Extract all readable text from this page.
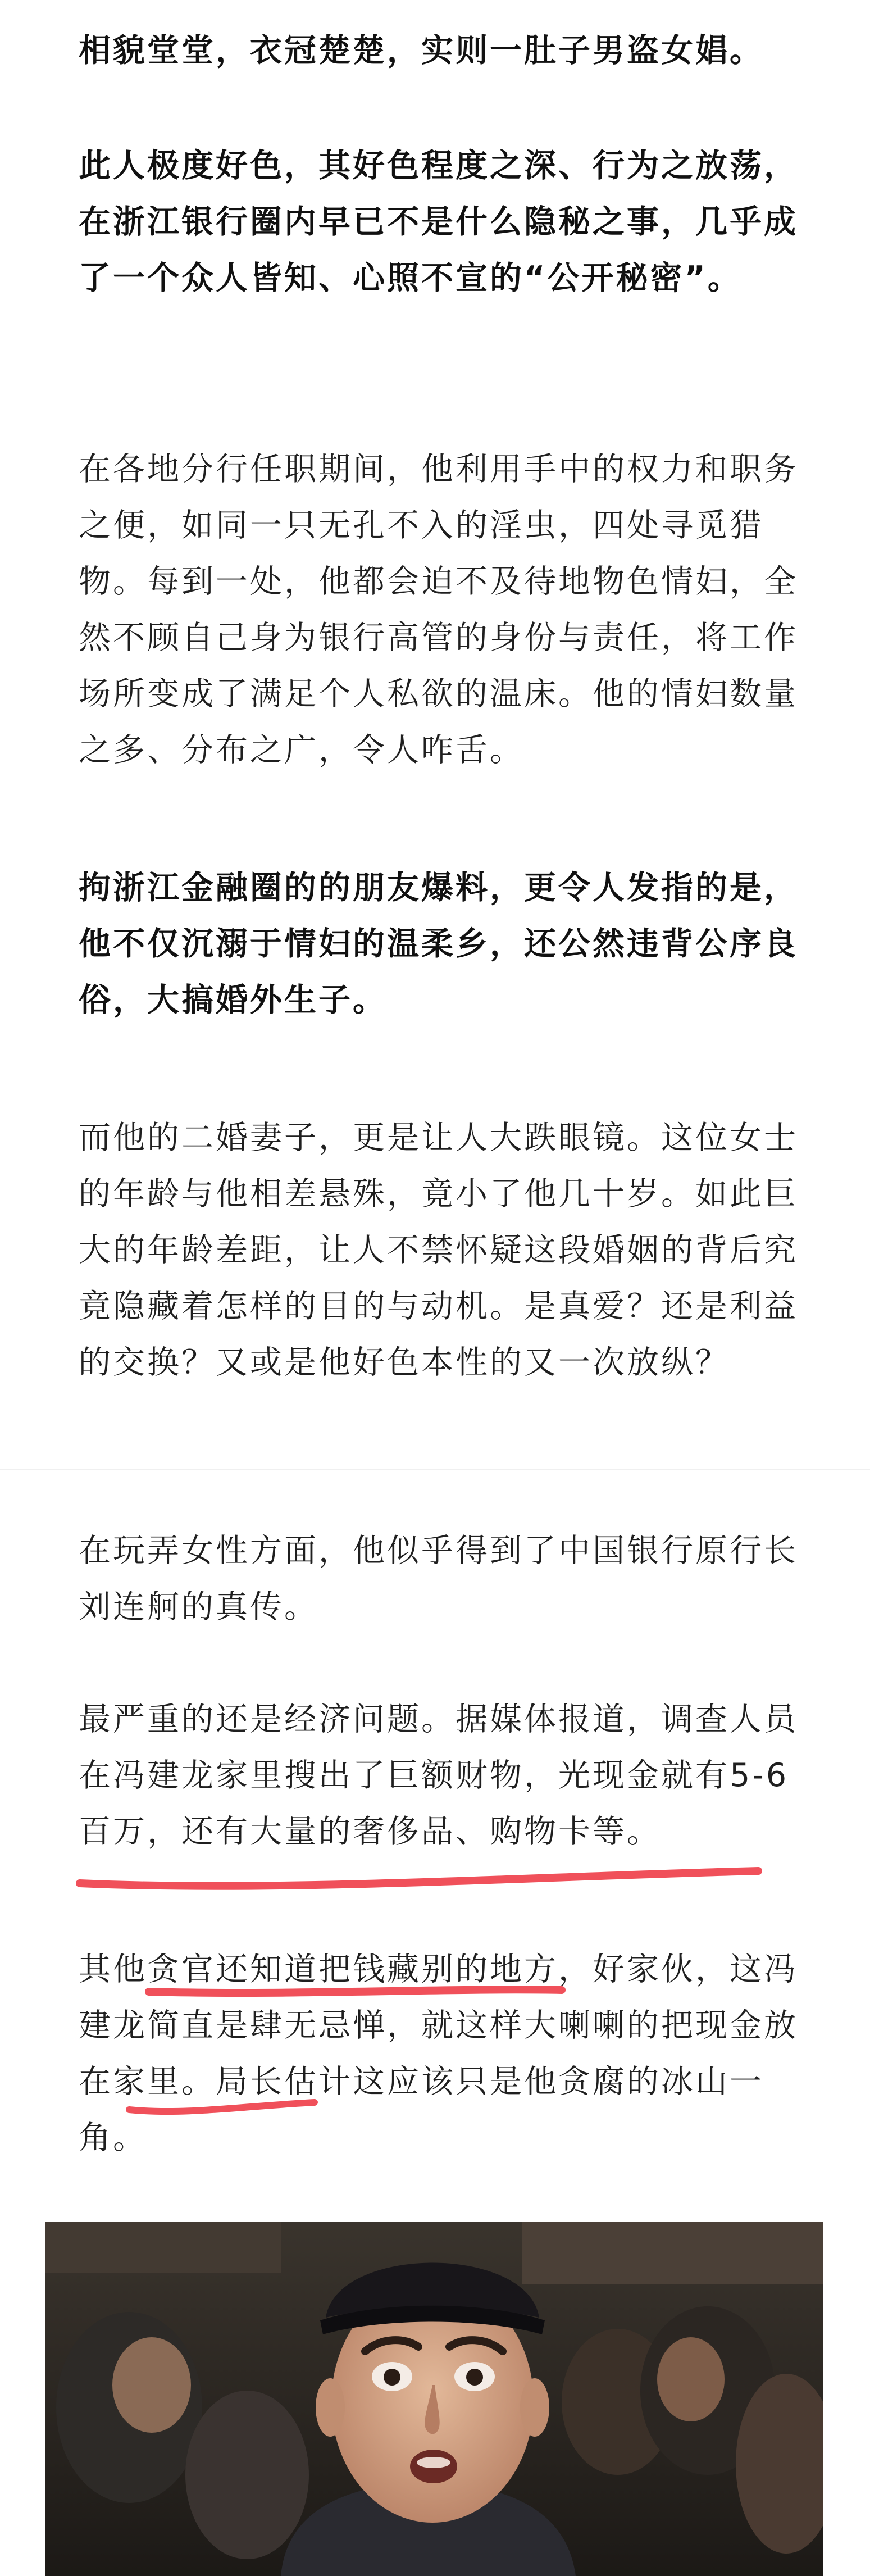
相貌堂堂，衣冠楚楚，实则一肚子男盗女娼。

此人极度好色，其好色程度之深、行为之放荡，在浙江银行圈内早已不是什么隐秘之事，几乎成了一个众人皆知、心照不宣的“公开秘密”。

在各地分行任职期间，他利用手中的权力和职务之便，如同一只无孔不入的淫虫，四处寻觅猎物。每到一处，他都会迫不及待地物色情妇，全然不顾自己身为银行高管的身份与责任，将工作场所变成了满足个人私欲的温床。他的情妇数量之多、分布之广，令人咋舌。

拘浙江金融圈的的朋友爆料，更令人发指的是，他不仅沉溺于情妇的温柔乡，还公然违背公序良俗，大搞婚外生子。

而他的二婚妻子，更是让人大跌眼镜。这位女士的年龄与他相差悬殊，竟小了他几十岁。如此巨大的年龄差距，让人不禁怀疑这段婚姻的背后究竟隐藏着怎样的目的与动机。是真爱？还是利益的交换？又或是他好色本性的又一次放纵？

在玩弄女性方面，他似乎得到了中国银行原行长刘连舸的真传。

最严重的还是经济问题。据媒体报道，调查人员在冯建龙家里搜出了巨额财物，光现金就有5-6百万，还有大量的奢侈品、购物卡等。

其他贪官还知道把钱藏别的地方，好家伙，这冯建龙简直是肆无忌惮，就这样大喇喇的把现金放在家里。局长估计这应该只是他贪腐的冰山一角。
